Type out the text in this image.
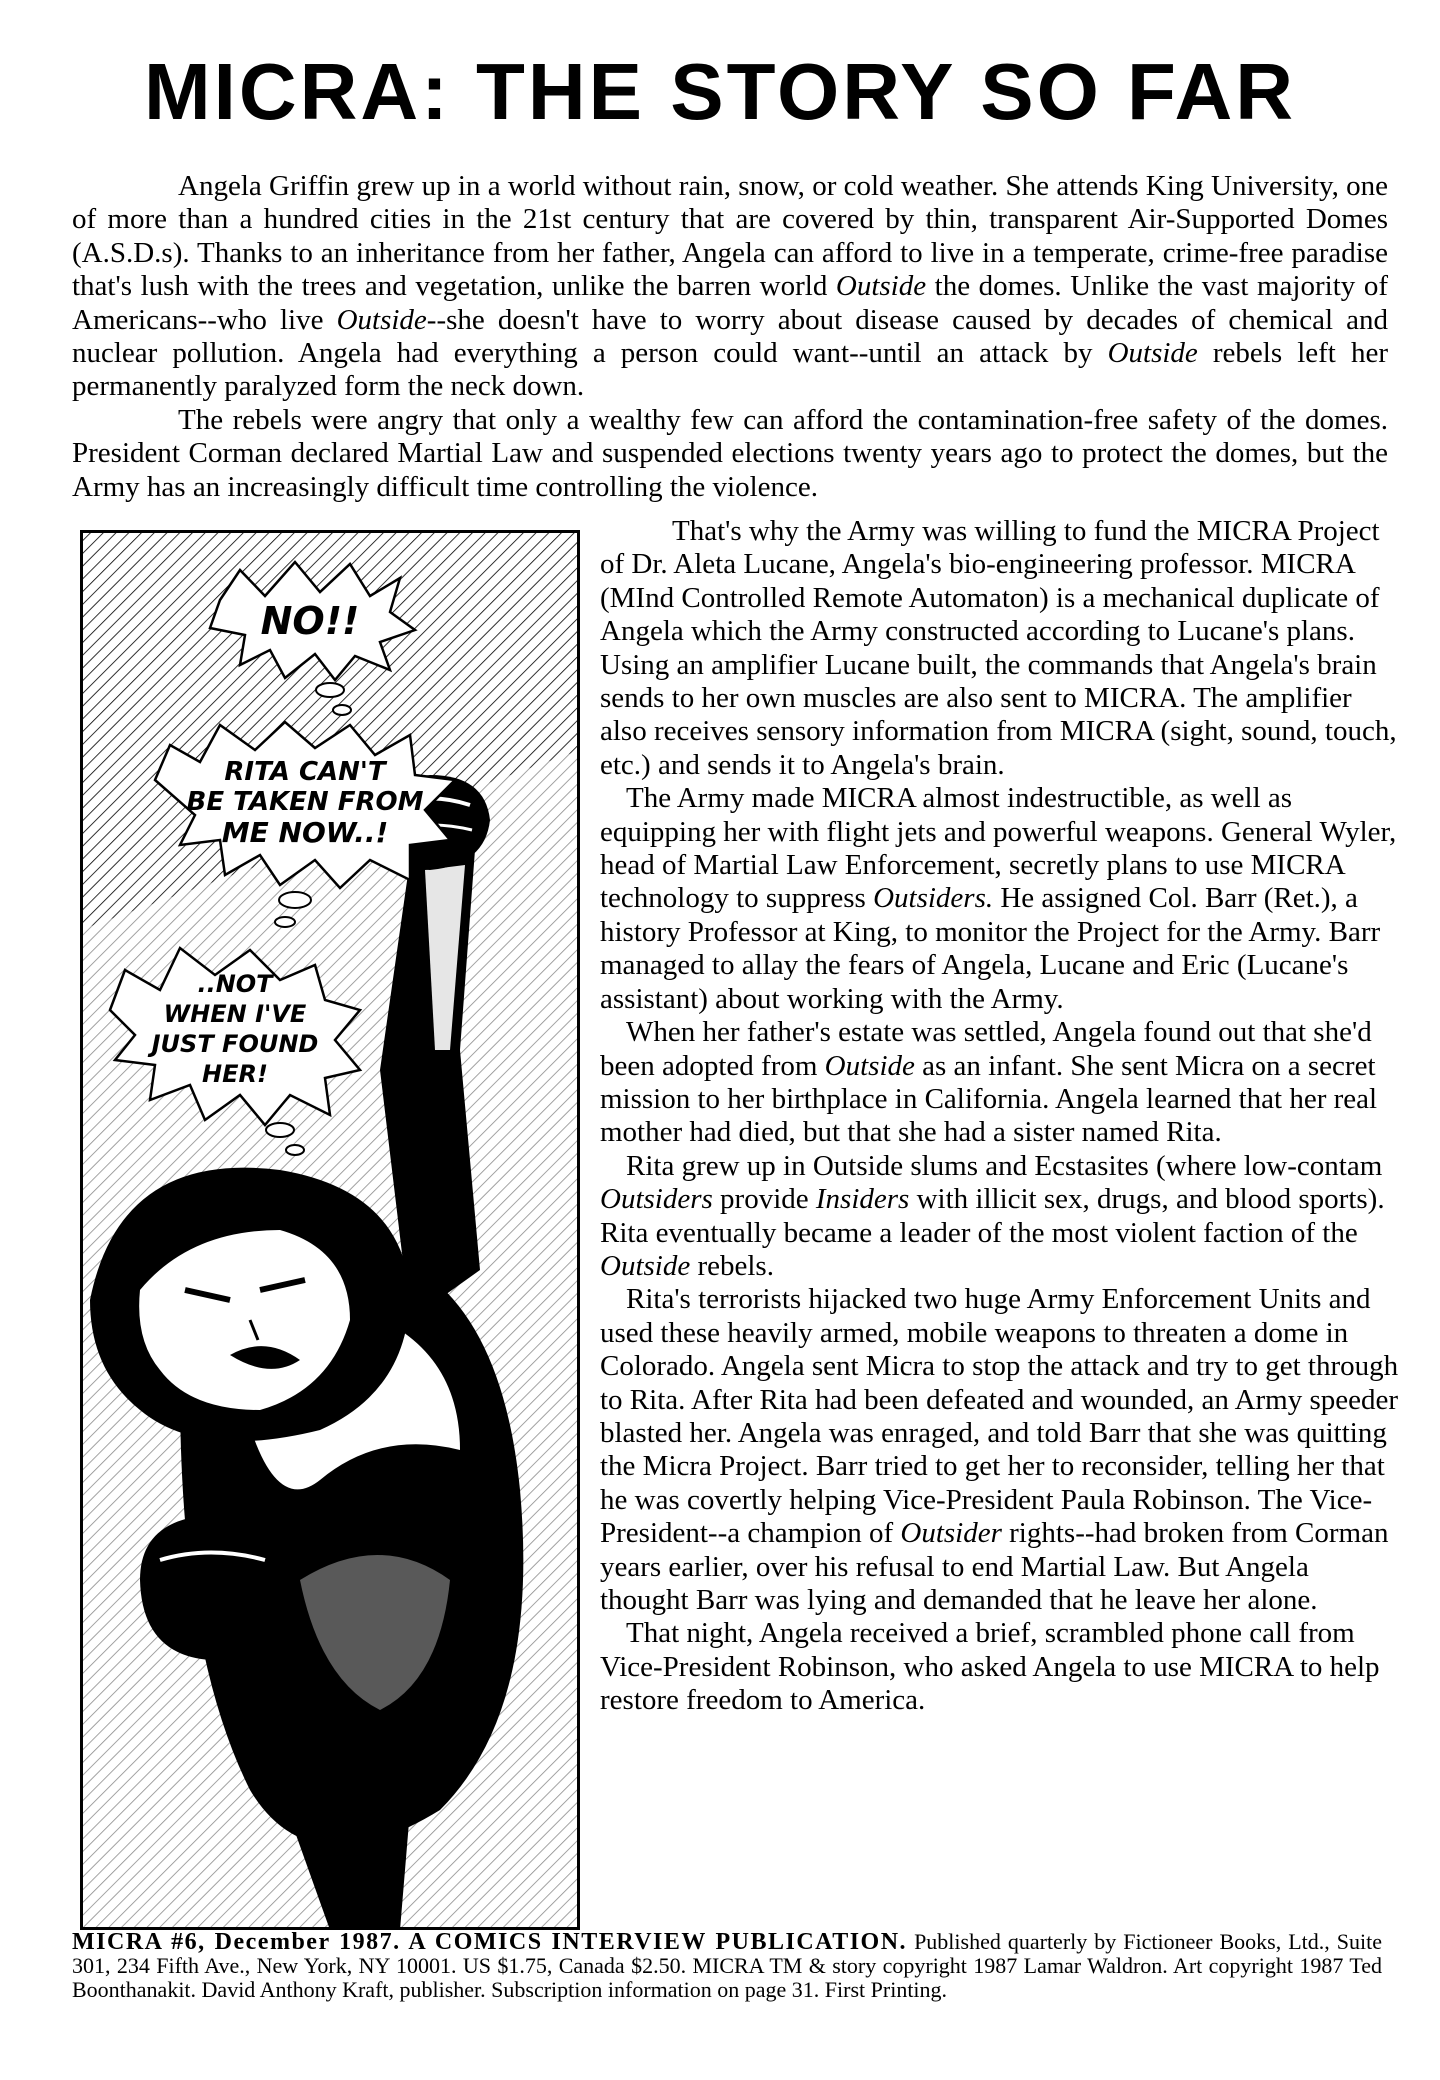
MICRA: THE STORY SO FAR

Angela Griffin grew up in a world without rain, snow, or cold weather. She attends King University, one of more than a hundred cities in the 21st century that are covered by thin, transparent Air-Supported Domes (A.S.D.s). Thanks to an inheritance from her father, Angela can afford to live in a temperate, crime-free paradise that's lush with the trees and vegetation, unlike the barren world Outside the domes. Unlike the vast majority of Americans--who live Outside--she doesn't have to worry about disease caused by decades of chemical and nuclear pollution. Angela had everything a person could want--until an attack by Outside rebels left her permanently paralyzed form the neck down.

The rebels were angry that only a wealthy few can afford the contamination-free safety of the domes. President Corman declared Martial Law and suspended elections twenty years ago to protect the domes, but the Army has an increasingly difficult time controlling the violence.

NO!!
RITA CAN'T
BE TAKEN FROM
ME NOW..!
..NOT
WHEN I'VE
JUST FOUND
HER!

That's why the Army was willing to fund the MICRA Project of Dr. Aleta Lucane, Angela's bio-engineering professor. MICRA (MInd Controlled Remote Automaton) is a mechanical duplicate of Angela which the Army constructed according to Lucane's plans. Using an amplifier Lucane built, the commands that Angela's brain sends to her own muscles are also sent to MICRA. The amplifier also receives sensory information from MICRA (sight, sound, touch, etc.) and sends it to Angela's brain.

The Army made MICRA almost indestructible, as well as equipping her with flight jets and powerful weapons. General Wyler, head of Martial Law Enforcement, secretly plans to use MICRA technology to suppress Outsiders. He assigned Col. Barr (Ret.), a history Professor at King, to monitor the Project for the Army. Barr managed to allay the fears of Angela, Lucane and Eric (Lucane's assistant) about working with the Army.

When her father's estate was settled, Angela found out that she'd been adopted from Outside as an infant. She sent Micra on a secret mission to her birthplace in California. Angela learned that her real mother had died, but that she had a sister named Rita.

Rita grew up in Outside slums and Ecstasites (where low-contam Outsiders provide Insiders with illicit sex, drugs, and blood sports). Rita eventually became a leader of the most violent faction of the Outside rebels.

Rita's terrorists hijacked two huge Army Enforcement Units and used these heavily armed, mobile weapons to threaten a dome in Colorado. Angela sent Micra to stop the attack and try to get through to Rita. After Rita had been defeated and wounded, an Army speeder blasted her. Angela was enraged, and told Barr that she was quitting the Micra Project. Barr tried to get her to reconsider, telling her that he was covertly helping Vice-President Paula Robinson. The Vice-President--a champion of Outsider rights--had broken from Corman years earlier, over his refusal to end Martial Law. But Angela thought Barr was lying and demanded that he leave her alone.

That night, Angela received a brief, scrambled phone call from Vice-President Robinson, who asked Angela to use MICRA to help restore freedom to America.

MICRA #6, December 1987. A COMICS INTERVIEW PUBLICATION. Published quarterly by Fictioneer Books, Ltd., Suite 301, 234 Fifth Ave., New York, NY 10001. US $1.75, Canada $2.50. MICRA TM & story copyright 1987 Lamar Waldron. Art copyright 1987 Ted Boonthanakit. David Anthony Kraft, publisher. Subscription information on page 31. First Printing.
